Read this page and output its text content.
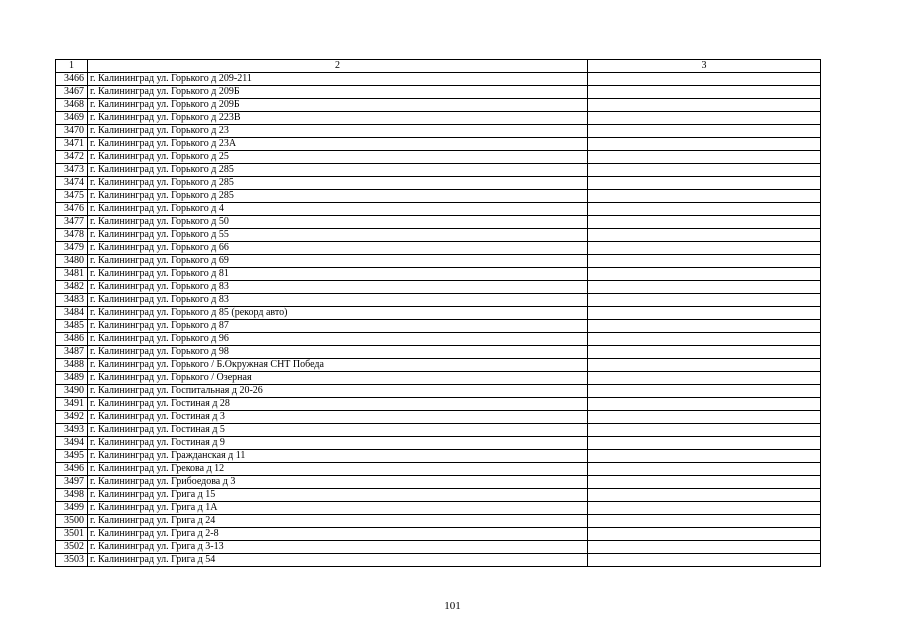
1	2	3
3466	г. Калининград ул. Горького д 209-211	
3467	г. Калининград ул. Горького д 209Б	
3468	г. Калининград ул. Горького д 209Б	
3469	г. Калининград ул. Горького д 223В	
3470	г. Калининград ул. Горького д 23	
3471	г. Калининград ул. Горького д 23А	
3472	г. Калининград ул. Горького д 25	
3473	г. Калининград ул. Горького д 285	
3474	г. Калининград ул. Горького д 285	
3475	г. Калининград ул. Горького д 285	
3476	г. Калининград ул. Горького д 4	
3477	г. Калининград ул. Горького д 50	
3478	г. Калининград ул. Горького д 55	
3479	г. Калининград ул. Горького д 66	
3480	г. Калининград ул. Горького д 69	
3481	г. Калининград ул. Горького д 81	
3482	г. Калининград ул. Горького д 83	
3483	г. Калининград ул. Горького д 83	
3484	г. Калининград ул. Горького д 85 (рекорд авто)	
3485	г. Калининград ул. Горького д 87	
3486	г. Калининград ул. Горького д 96	
3487	г. Калининград ул. Горького д 98	
3488	г. Калининград ул. Горького / Б.Окружная СНТ Победа	
3489	г. Калининград ул. Горького / Озерная	
3490	г. Калининград ул. Госпитальная д 20-26	
3491	г. Калининград ул. Гостиная д 28	
3492	г. Калининград ул. Гостиная д 3	
3493	г. Калининград ул. Гостиная д 5	
3494	г. Калининград ул. Гостиная д 9	
3495	г. Калининград ул. Гражданская д 11	
3496	г. Калининград ул. Грекова д 12	
3497	г. Калининград ул. Грибоедова д 3	
3498	г. Калининград ул. Грига д 15	
3499	г. Калининград ул. Грига д 1А	
3500	г. Калининград ул. Грига д 24	
3501	г. Калининград ул. Грига д 2-8	
3502	г. Калининград ул. Грига д 3-13	
3503	г. Калининград ул. Грига д 54	
101
